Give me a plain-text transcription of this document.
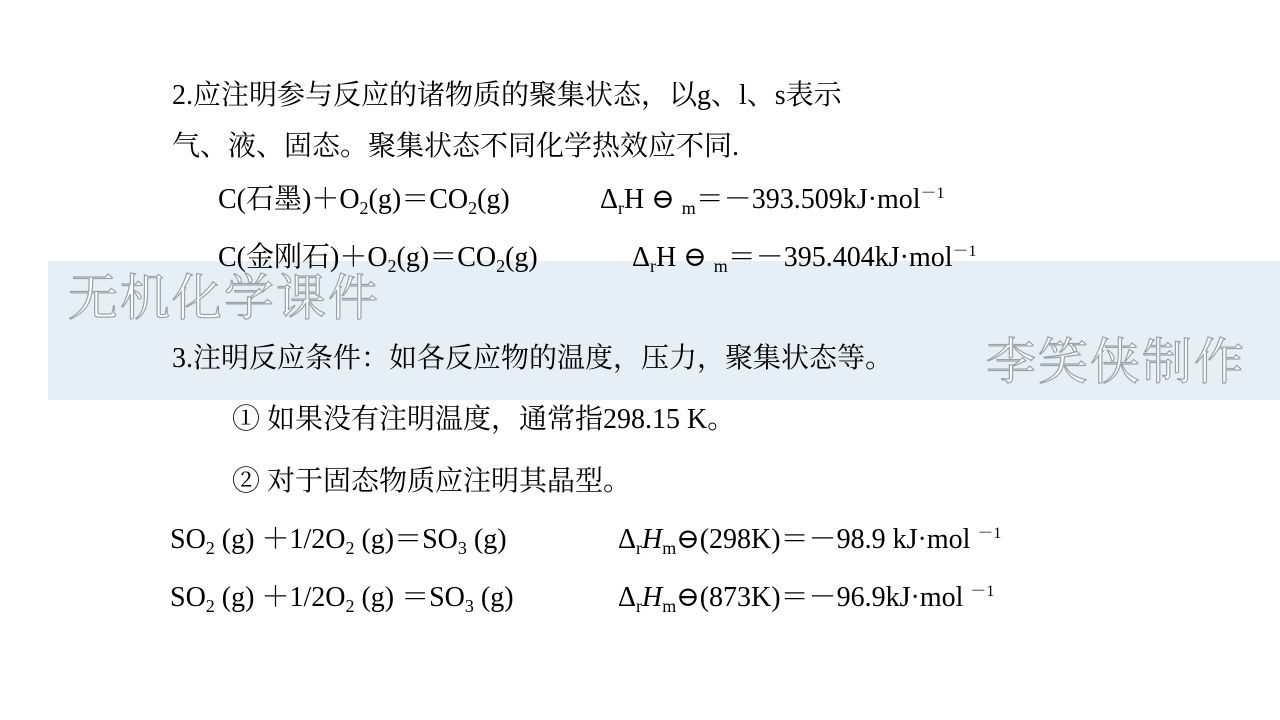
2.应注明参与反应的诸物质的聚集状态，以g、l、s表示
气、液、固态。聚集状态不同化学热效应不同.
C(石墨)$+O_2(g)=CO_2(g)$	$\Delta_rH$ ⊖ $_m$＝－393.509kJ·mol$^{-1}$
C(金刚石)$+O_2(g)=CO_2(g)$	$\Delta_rH$ ⊖ $_m$＝－395.404kJ·mol$^{-1}$
3.注明反应条件：如各反应物的温度，压力，聚集状态等。
① 如果没有注明温度，通常指298.15 K。
② 对于固态物质应注明其晶型。
$SO_2$ $(g) +1/2O_2$ $(g)=SO_3$ (g)	$\Delta_rH_m⊖(298K)=-98.9$ kJ·mol $^{-1}$
$SO_2$ $(g) +1/2O_2$ $(g) =SO_3$ (g)	$\Delta_rH_m⊖(873K)=-96.9kJ\cdot mol$ $^{-1}$
无机化学课件
李笑侠制作
